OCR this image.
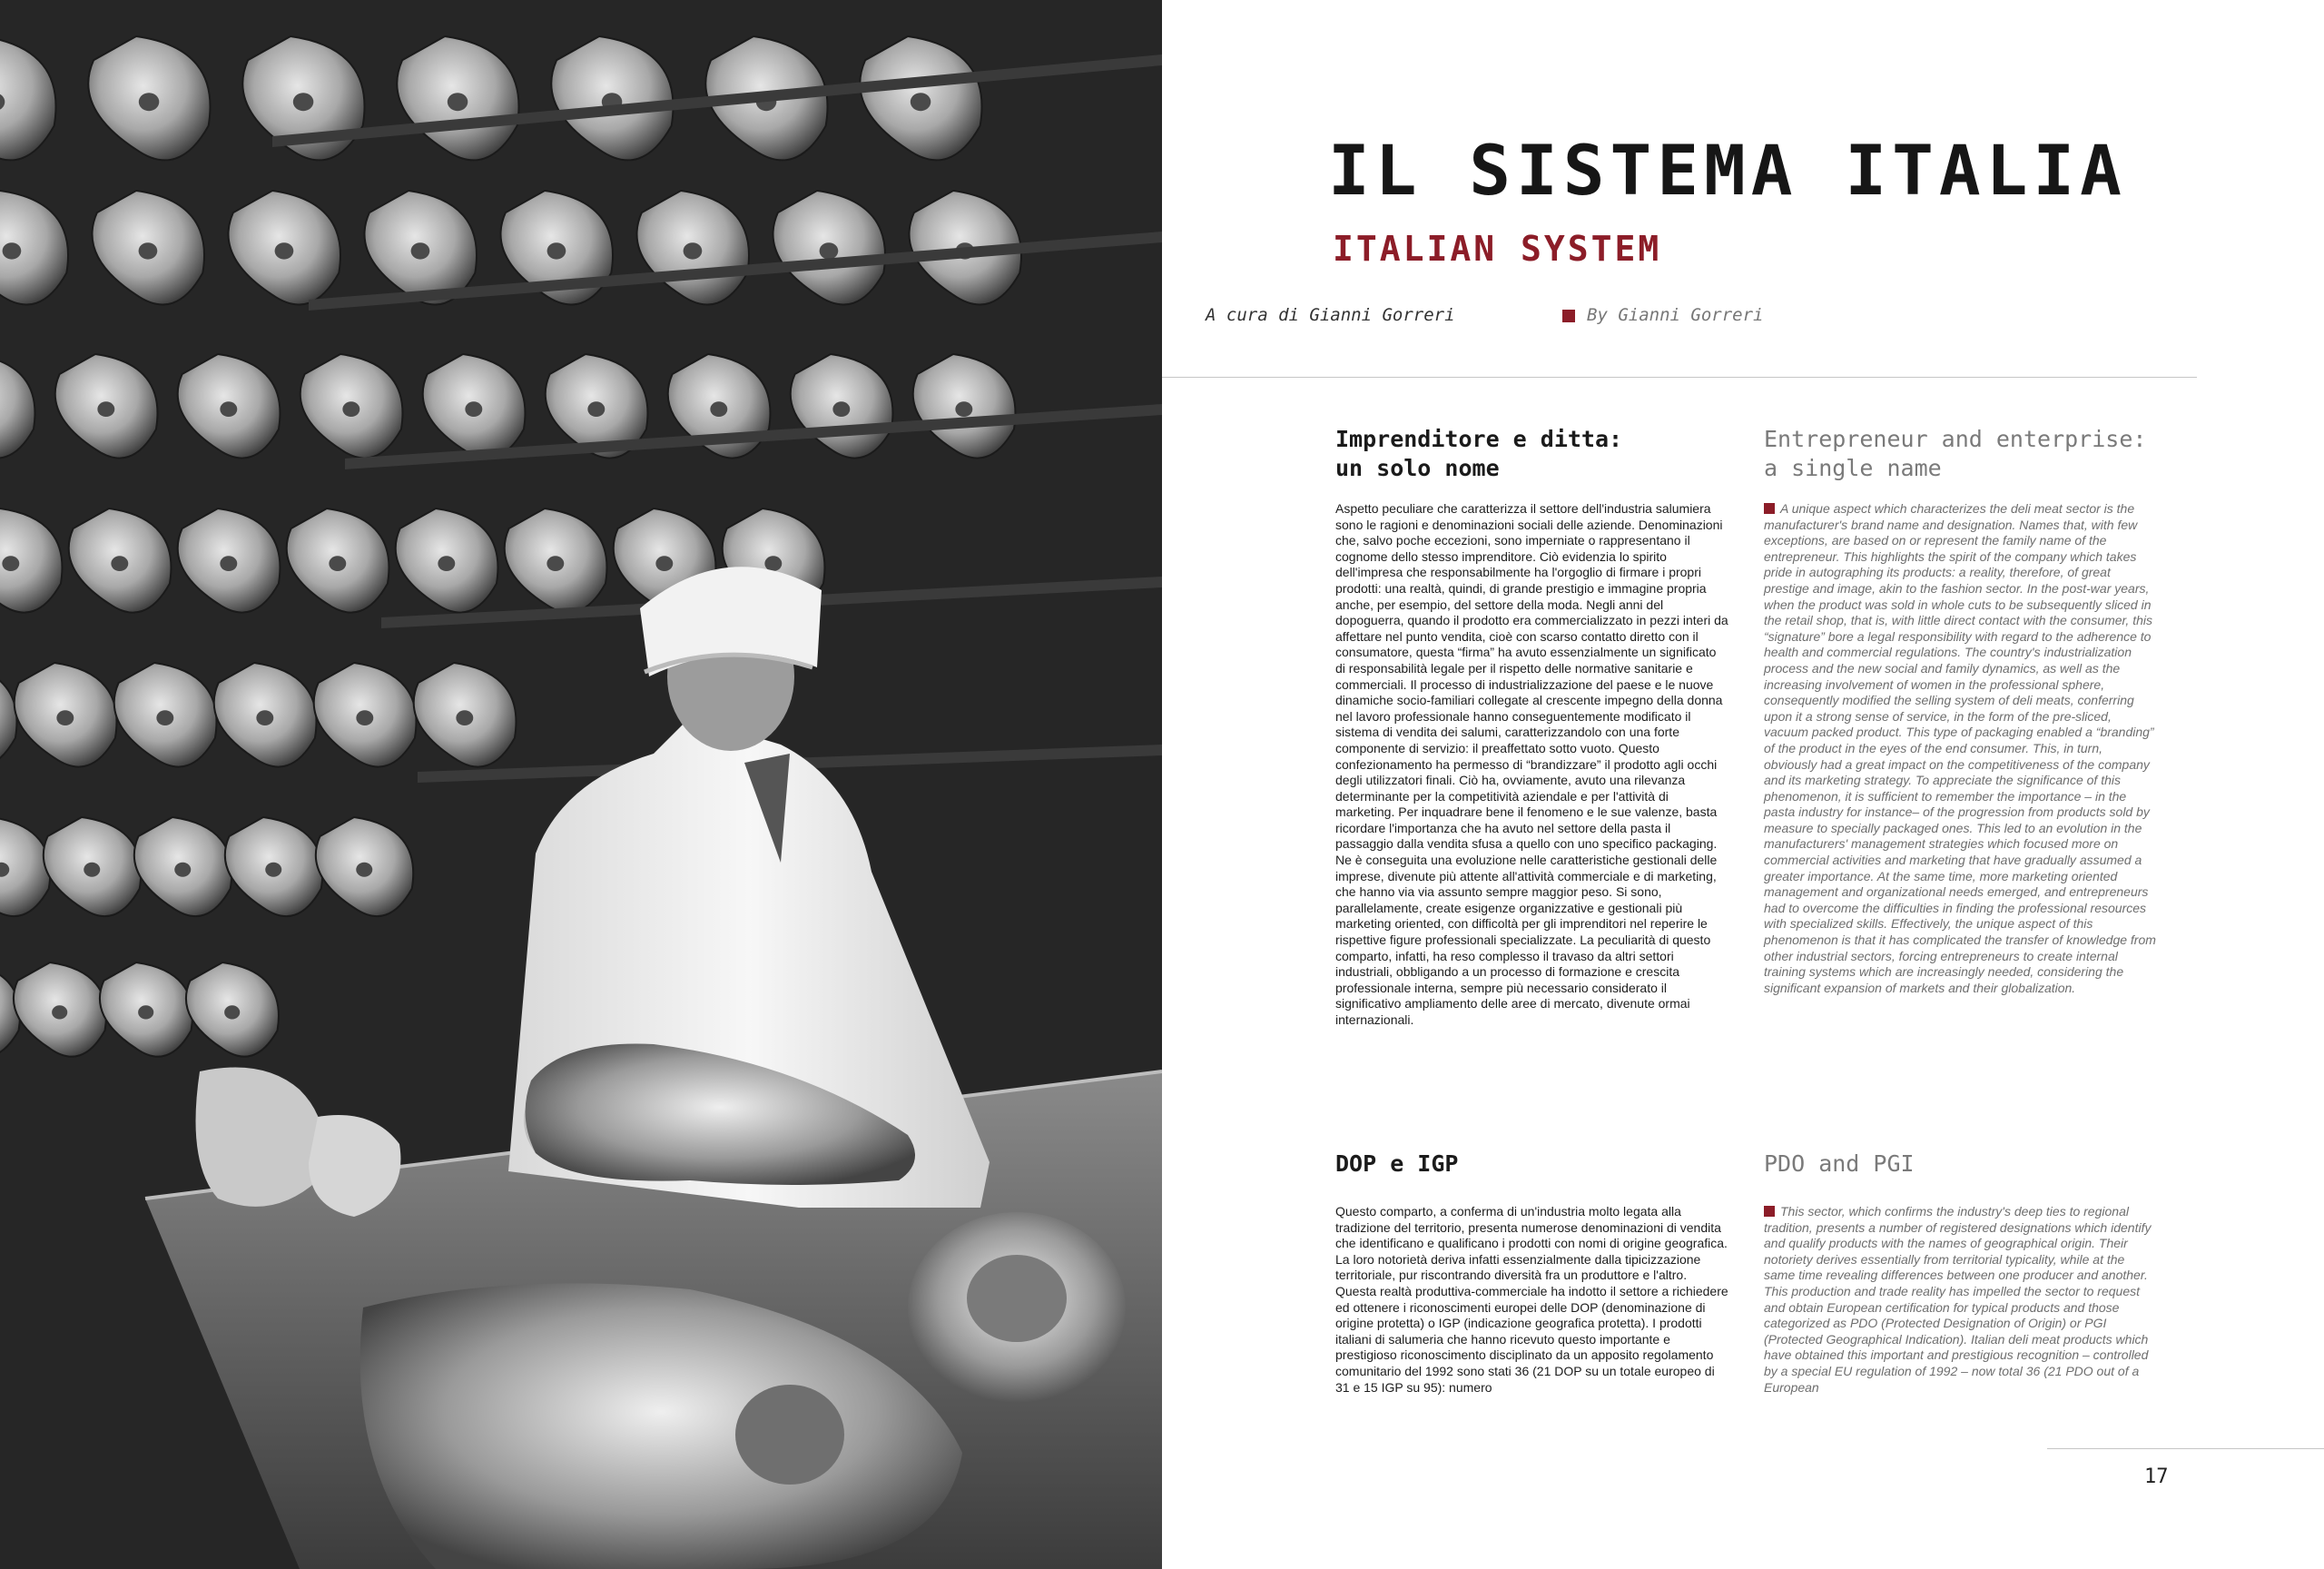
IL SISTEMA ITALIA
ITALIAN SYSTEM
A cura di Gianni Gorreri	By Gianni Gorreri
Imprenditore e ditta:
un solo nome

Aspetto peculiare che caratterizza il settore dell'industria salumiera sono le ragioni e denominazioni sociali delle aziende. Denominazioni che, salvo poche eccezioni, sono imperniate o rappresentano il cognome dello stesso imprenditore. Ciò evidenzia lo spirito dell'impresa che responsabilmente ha l'orgoglio di firmare i propri prodotti: una realtà, quindi, di grande prestigio e immagine propria anche, per esempio, del settore della moda. Negli anni del dopoguerra, quando il prodotto era commercializzato in pezzi interi da affettare nel punto vendita, cioè con scarso contatto diretto con il consumatore, questa “firma” ha avuto essenzialmente un significato di responsabilità legale per il rispetto delle normative sanitarie e commerciali. Il processo di industrializzazione del paese e le nuove dinamiche socio-familiari collegate al crescente impegno della donna nel lavoro professionale hanno conseguentemente modificato il sistema di vendita dei salumi, caratterizzandolo con una forte componente di servizio: il preaffettato sotto vuoto. Questo confezionamento ha permesso di “brandizzare” il prodotto agli occhi degli utilizzatori finali. Ciò ha, ovviamente, avuto una rilevanza determinante per la competitività aziendale e per l'attività di marketing. Per inquadrare bene il fenomeno e le sue valenze, basta ricordare l'importanza che ha avuto nel settore della pasta il passaggio dalla vendita sfusa a quello con uno specifico packaging. Ne è conseguita una evoluzione nelle caratteristiche gestionali delle imprese, divenute più attente all'attività commerciale e di marketing, che hanno via via assunto sempre maggior peso. Si sono, parallelamente, create esigenze organizzative e gestionali più marketing oriented, con difficoltà per gli imprenditori nel reperire le rispettive figure professionali specializzate. La peculiarità di questo comparto, infatti, ha reso complesso il travaso da altri settori industriali, obbligando a un processo di formazione e crescita professionale interna, sempre più necessario considerato il significativo ampliamento delle aree di mercato, divenute ormai internazionali.

Entrepreneur and enterprise:
a single name

A unique aspect which characterizes the deli meat sector is the manufacturer's brand name and designation. Names that, with few exceptions, are based on or represent the family name of the entrepreneur. This highlights the spirit of the company which takes pride in autographing its products: a reality, therefore, of great prestige and image, akin to the fashion sector. In the post-war years, when the product was sold in whole cuts to be subsequently sliced in the retail shop, that is, with little direct contact with the consumer, this “signature” bore a legal responsibility with regard to the adherence to health and commercial regulations. The country's industrialization process and the new social and family dynamics, as well as the increasing involvement of women in the professional sphere, consequently modified the selling system of deli meats, conferring upon it a strong sense of service, in the form of the pre-sliced, vacuum packed product. This type of packaging enabled a “branding” of the product in the eyes of the end consumer. This, in turn, obviously had a great impact on the competitiveness of the company and its marketing strategy. To appreciate the significance of this phenomenon, it is sufficient to remember the importance – in the pasta industry for instance– of the progression from products sold by measure to specially packaged ones. This led to an evolution in the manufacturers' management strategies which focused more on commercial activities and marketing that have gradually assumed a greater importance. At the same time, more marketing oriented management and organizational needs emerged, and entrepreneurs had to overcome the difficulties in finding the professional resources with specialized skills. Effectively, the unique aspect of this phenomenon is that it has complicated the transfer of knowledge from other industrial sectors, forcing entrepreneurs to create internal training systems which are increasingly needed, considering the significant expansion of markets and their globalization.

DOP e IGP

Questo comparto, a conferma di un'industria molto legata alla tradizione del territorio, presenta numerose denominazioni di vendita che identificano e qualificano i prodotti con nomi di origine geografica. La loro notorietà deriva infatti essenzialmente dalla tipicizzazione territoriale, pur riscontrando diversità fra un produttore e l'altro. Questa realtà produttiva-commerciale ha indotto il settore a richiedere ed ottenere i riconoscimenti europei delle DOP (denominazione di origine protetta) o IGP (indicazione geografica protetta). I prodotti italiani di salumeria che hanno ricevuto questo importante e prestigioso riconoscimento disciplinato da un apposito regolamento comunitario del 1992 sono stati 36 (21 DOP su un totale europeo di 31 e 15 IGP su 95): numero

PDO and PGI

This sector, which confirms the industry's deep ties to regional tradition, presents a number of registered designations which identify and qualify products with the names of geographical origin. Their notoriety derives essentially from territorial typicality, while at the same time revealing differences between one producer and another. This production and trade reality has impelled the sector to request and obtain European certification for typical products and those categorized as PDO (Protected Designation of Origin) or PGI (Protected Geographical Indication). Italian deli meat products which have obtained this important and prestigious recognition – controlled by a special EU regulation of 1992 – now total 36 (21 PDO out of a European

17
